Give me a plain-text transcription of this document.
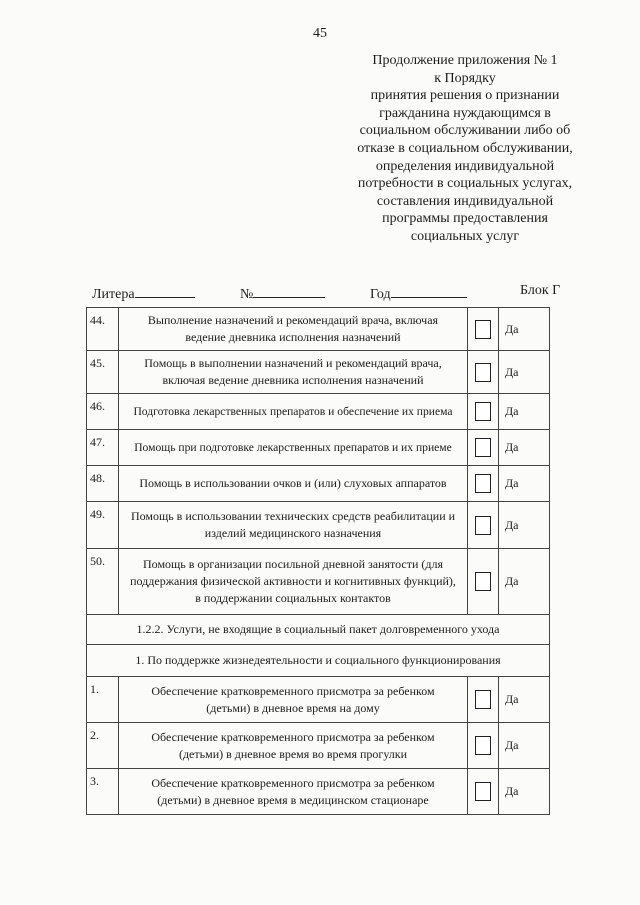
45
Продолжение приложения № 1
к Порядку
принятия решения о признании
гражданина нуждающимся в
социальном обслуживании либо об
отказе в социальном обслуживании,
определения индивидуальной
потребности в социальных услугах,
составления индивидуальной
программы предоставления
социальных услуг
Литера	№	Год	Блок Г
44.	Выполнение назначений и рекомендаций врача, включая
ведение дневника исполнения назначений		Да
45.	Помощь в выполнении назначений и рекомендаций врача,
включая ведение дневника исполнения назначений		Да
46.	Подготовка лекарственных препаратов и обеспечение их приема		Да
47.	Помощь при подготовке лекарственных препаратов и их приеме		Да
48.	Помощь в использовании очков и (или) слуховых аппаратов		Да
49.	Помощь в использовании технических средств реабилитации и
изделий медицинского назначения		Да
50.	Помощь в организации посильной дневной занятости (для
поддержания физической активности и когнитивных функций),
в поддержании социальных контактов		Да
1.2.2. Услуги, не входящие в социальный пакет долговременного ухода			
1. По поддержке жизнедеятельности и социального функционирования			
1.	Обеспечение кратковременного присмотра за ребенком
(детьми) в дневное время на дому		Да
2.	Обеспечение кратковременного присмотра за ребенком
(детьми) в дневное время во время прогулки		Да
3.	Обеспечение кратковременного присмотра за ребенком
(детьми) в дневное время в медицинском стационаре		Да
